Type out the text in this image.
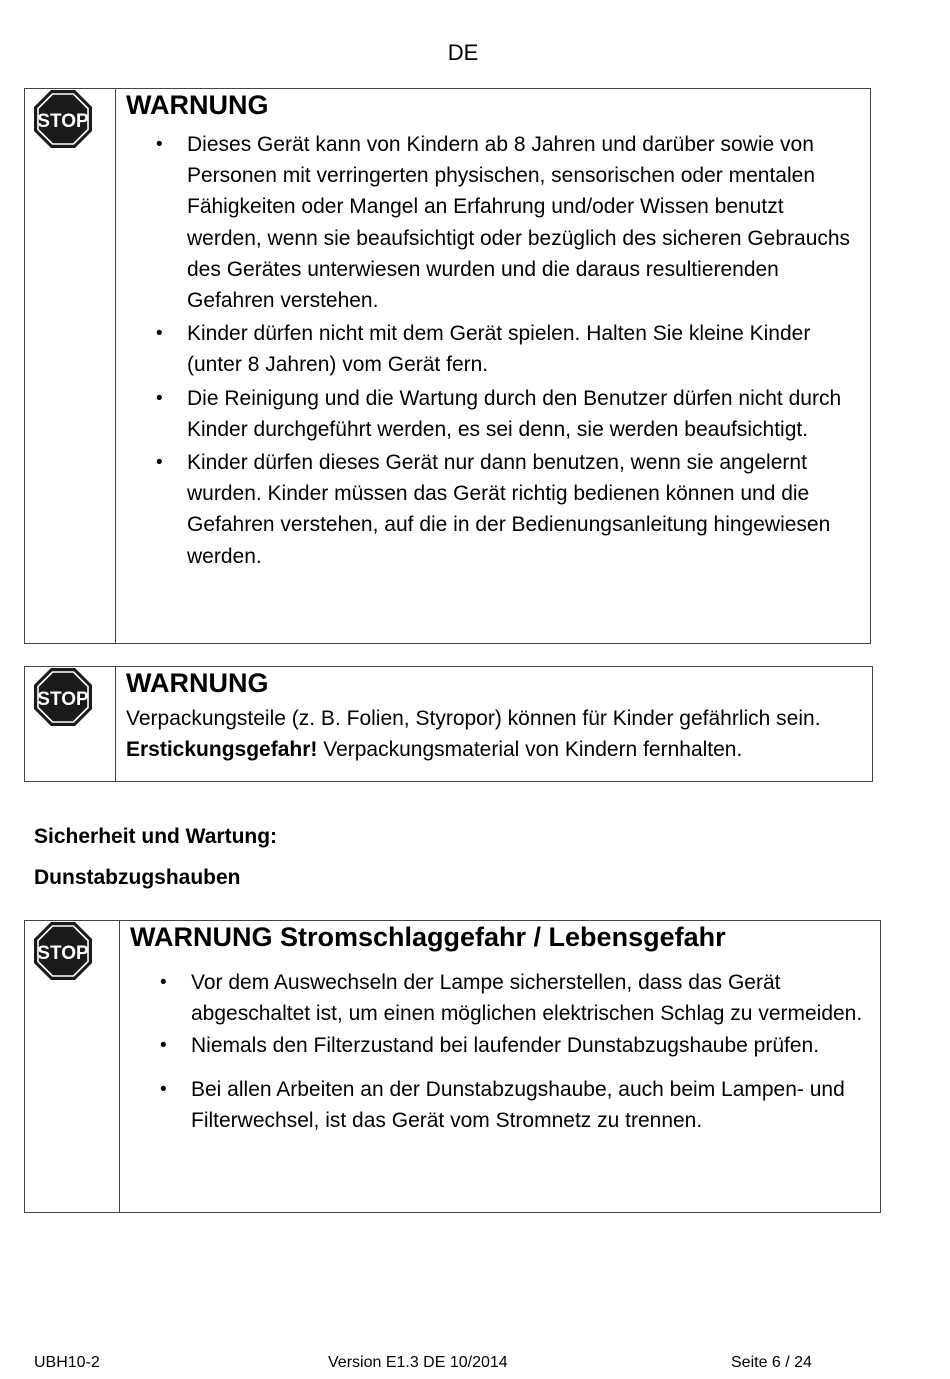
DE
STOP
WARNUNG
• Dieses Gerät kann von Kindern ab 8 Jahren und darüber sowie von Personen mit verringerten physischen, sensorischen oder mentalen Fähigkeiten oder Mangel an Erfahrung und/oder Wissen benutzt werden, wenn sie beaufsichtigt oder bezüglich des sicheren Gebrauchs des Gerätes unterwiesen wurden und die daraus resultierenden Gefahren verstehen.
• Kinder dürfen nicht mit dem Gerät spielen. Halten Sie kleine Kinder (unter 8 Jahren) vom Gerät fern.
• Die Reinigung und die Wartung durch den Benutzer dürfen nicht durch Kinder durchgeführt werden, es sei denn, sie werden beaufsichtigt.
• Kinder dürfen dieses Gerät nur dann benutzen, wenn sie angelernt wurden. Kinder müssen das Gerät richtig bedienen können und die Gefahren verstehen, auf die in der Bedienungsanleitung hingewiesen werden.
STOP
WARNUNG
Verpackungsteile (z. B. Folien, Styropor) können für Kinder gefährlich sein. Erstickungsgefahr! Verpackungsmaterial von Kindern fernhalten.
Sicherheit und Wartung:
Dunstabzugshauben
STOP
WARNUNG Stromschlaggefahr / Lebensgefahr
• Vor dem Auswechseln der Lampe sicherstellen, dass das Gerät abgeschaltet ist, um einen möglichen elektrischen Schlag zu vermeiden.
• Niemals den Filterzustand bei laufender Dunstabzugshaube prüfen.
• Bei allen Arbeiten an der Dunstabzugshaube, auch beim Lampen- und Filterwechsel, ist das Gerät vom Stromnetz zu trennen.
UBH10-2	Version E1.3 DE 10/2014	Seite 6 / 24
